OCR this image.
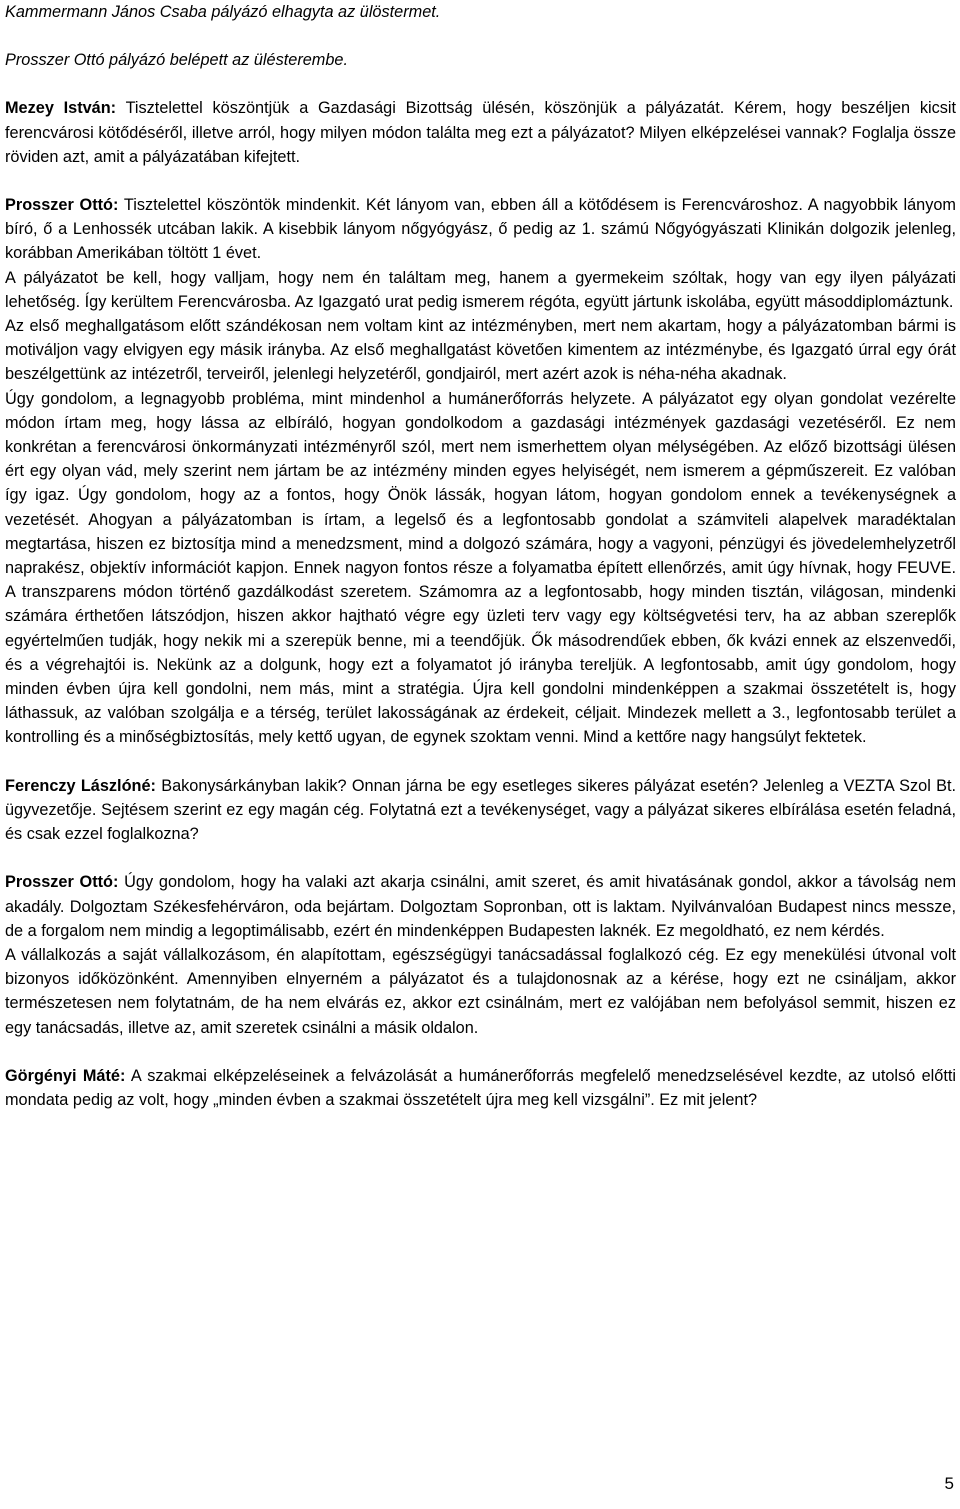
Kammermann János Csaba pályázó elhagyta az ülöstermet.

Prosszer Ottó pályázó belépett az ülésterembe.

Mezey István: Tisztelettel köszöntjük a Gazdasági Bizottság ülésén, köszönjük a pályázatát. Kérem, hogy beszéljen kicsit ferencvárosi kötődéséről, illetve arról, hogy milyen módon találta meg ezt a pályázatot? Milyen elképzelései vannak? Foglalja össze röviden azt, amit a pályázatában kifejtett.

Prosszer Ottó: Tisztelettel köszöntök mindenkit. Két lányom van, ebben áll a kötődésem is Ferencvároshoz. A nagyobbik lányom bíró, ő a Lenhossék utcában lakik. A kisebbik lányom nőgyógyász, ő pedig az 1. számú Nőgyógyászati Klinikán dolgozik jelenleg, korábban Amerikában töltött 1 évet.

A pályázatot be kell, hogy valljam, hogy nem én találtam meg, hanem a gyermekeim szóltak, hogy van egy ilyen pályázati lehetőség. Így kerültem Ferencvárosba. Az Igazgató urat pedig ismerem régóta, együtt jártunk iskolába, együtt másoddiplomáztunk.

Az első meghallgatásom előtt szándékosan nem voltam kint az intézményben, mert nem akartam, hogy a pályázatomban bármi is motiváljon vagy elvigyen egy másik irányba. Az első meghallgatást követően kimentem az intézménybe, és Igazgató úrral egy órát beszélgettünk az intézetről, terveiről, jelenlegi helyzetéről, gondjairól, mert azért azok is néha-néha akadnak.

Úgy gondolom, a legnagyobb probléma, mint mindenhol a humánerőforrás helyzete. A pályázatot egy olyan gondolat vezérelte módon írtam meg, hogy lássa az elbíráló, hogyan gondolkodom a gazdasági intézmények gazdasági vezetéséről. Ez nem konkrétan a ferencvárosi önkormányzati intézményről szól, mert nem ismerhettem olyan mélységében. Az előző bizottsági ülésen ért egy olyan vád, mely szerint nem jártam be az intézmény minden egyes helyiségét, nem ismerem a gépműszereit. Ez valóban így igaz. Úgy gondolom, hogy az a fontos, hogy Önök lássák, hogyan látom, hogyan gondolom ennek a tevékenységnek a vezetését. Ahogyan a pályázatomban is írtam, a legelső és a legfontosabb gondolat a számviteli alapelvek maradéktalan megtartása, hiszen ez biztosítja mind a menedzsment, mind a dolgozó számára, hogy a vagyoni, pénzügyi és jövedelemhelyzetről naprakész, objektív információt kapjon. Ennek nagyon fontos része a folyamatba épített ellenőrzés, amit úgy hívnak, hogy FEUVE. A transzparens módon történő gazdálkodást szeretem. Számomra az a legfontosabb, hogy minden tisztán, világosan, mindenki számára érthetően látszódjon, hiszen akkor hajtható végre egy üzleti terv vagy egy költségvetési terv, ha az abban szereplők egyértelműen tudják, hogy nekik mi a szerepük benne, mi a teendőjük. Ők másodrendűek ebben, ők kvázi ennek az elszenvedői, és a végrehajtói is. Nekünk az a dolgunk, hogy ezt a folyamatot jó irányba tereljük. A legfontosabb, amit úgy gondolom, hogy minden évben újra kell gondolni, nem más, mint a stratégia. Újra kell gondolni mindenképpen a szakmai összetételt is, hogy láthassuk, az valóban szolgálja e a térség, terület lakosságának az érdekeit, céljait. Mindezek mellett a 3., legfontosabb terület a kontrolling és a minőségbiztosítás, mely kettő ugyan, de egynek szoktam venni. Mind a kettőre nagy hangsúlyt fektetek.

Ferenczy Lászlóné: Bakonysárkányban lakik? Onnan járna be egy esetleges sikeres pályázat esetén? Jelenleg a VEZTA Szol Bt. ügyvezetője. Sejtésem szerint ez egy magán cég. Folytatná ezt a tevékenységet, vagy a pályázat sikeres elbírálása esetén feladná, és csak ezzel foglalkozna?

Prosszer Ottó: Úgy gondolom, hogy ha valaki azt akarja csinálni, amit szeret, és amit hivatásának gondol, akkor a távolság nem akadály. Dolgoztam Székesfehérváron, oda bejártam. Dolgoztam Sopronban, ott is laktam. Nyilvánvalóan Budapest nincs messze, de a forgalom nem mindig a legoptimálisabb, ezért én mindenképpen Budapesten laknék. Ez megoldható, ez nem kérdés.

A vállalkozás a saját vállalkozásom, én alapítottam, egészségügyi tanácsadással foglalkozó cég. Ez egy menekülési útvonal volt bizonyos időközönként. Amennyiben elnyerném a pályázatot és a tulajdonosnak az a kérése, hogy ezt ne csináljam, akkor természetesen nem folytatnám, de ha nem elvárás ez, akkor ezt csinálnám, mert ez valójában nem befolyásol semmit, hiszen ez egy tanácsadás, illetve az, amit szeretek csinálni a másik oldalon.

Görgényi Máté: A szakmai elképzeléseinek a felvázolását a humánerőforrás megfelelő menedzselésével kezdte, az utolsó előtti mondata pedig az volt, hogy „minden évben a szakmai összetételt újra meg kell vizsgálni”. Ez mit jelent?

5
